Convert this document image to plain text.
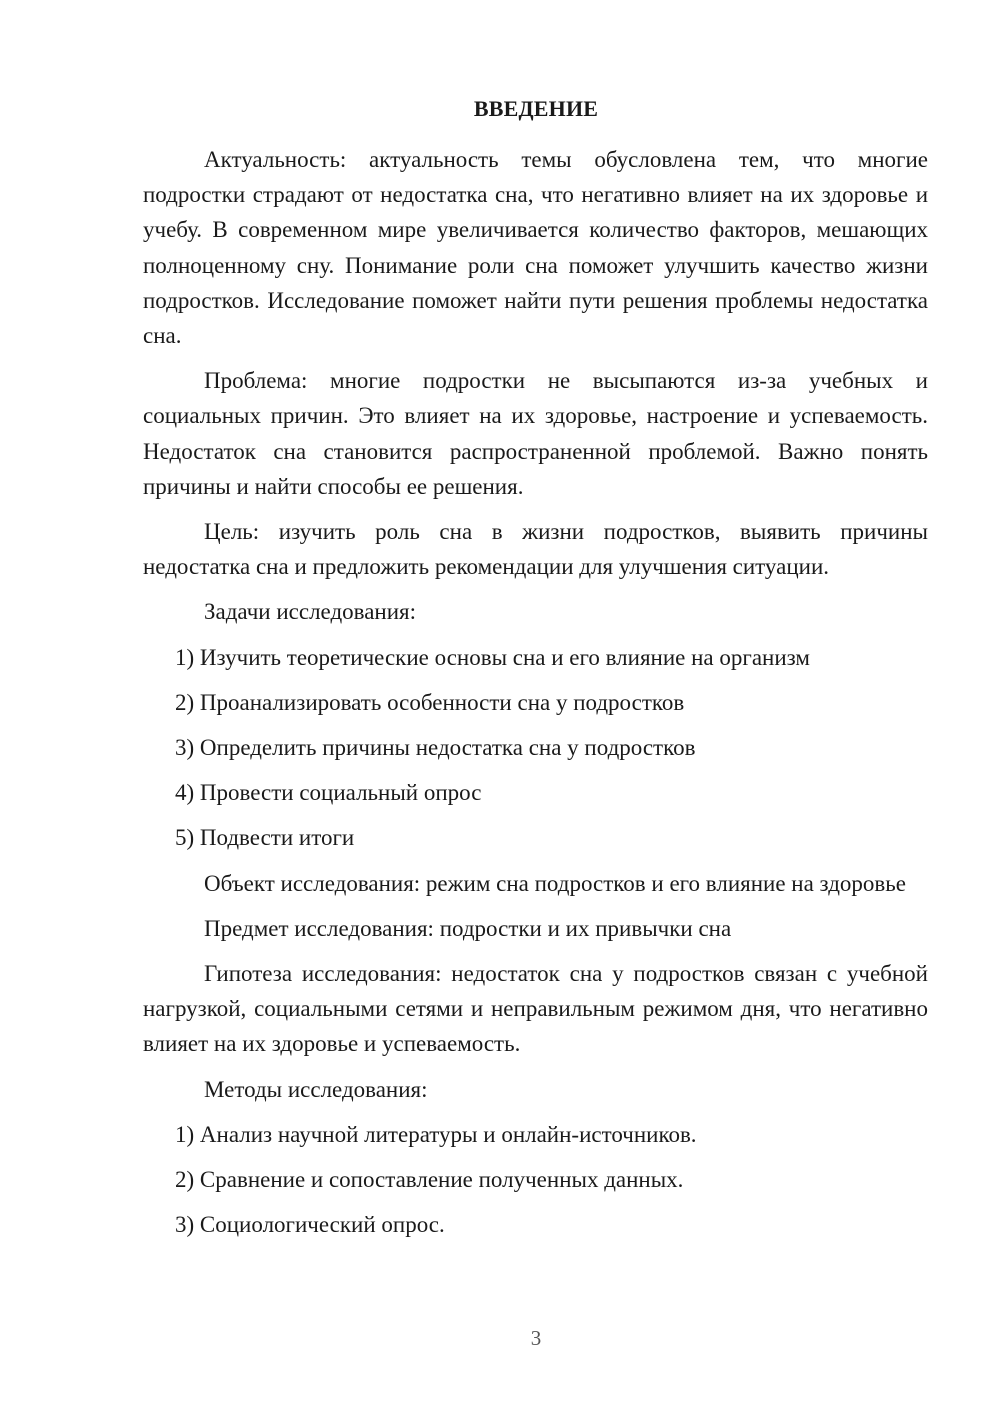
ВВЕДЕНИЕ

Актуальность: актуальность темы обусловлена тем, что многие подростки страдают от недостатка сна, что негативно влияет на их здоровье и учебу. В современном мире увеличивается количество факторов, мешающих полноценному сну. Понимание роли сна поможет улучшить качество жизни подростков. Исследование поможет найти пути решения проблемы недостатка сна.

Проблема: многие подростки не высыпаются из-за учебных и социальных причин. Это влияет на их здоровье, настроение и успеваемость. Недостаток сна становится распространенной проблемой. Важно понять причины и найти способы ее решения.

Цель: изучить роль сна в жизни подростков, выявить причины недостатка сна и предложить рекомендации для улучшения ситуации.

Задачи исследования:

1) Изучить теоретические основы сна и его влияние на организм

2) Проанализировать особенности сна у подростков

3) Определить причины недостатка сна у подростков

4) Провести социальный опрос

5) Подвести итоги

Объект исследования: режим сна подростков и его влияние на здоровье

Предмет исследования: подростки и их привычки сна

Гипотеза исследования: недостаток сна у подростков связан с учебной нагрузкой, социальными сетями и неправильным режимом дня, что негативно влияет на их здоровье и успеваемость.

Методы исследования:

1) Анализ научной литературы и онлайн-источников.

2) Сравнение и сопоставление полученных данных.

3) Социологический опрос.

3
